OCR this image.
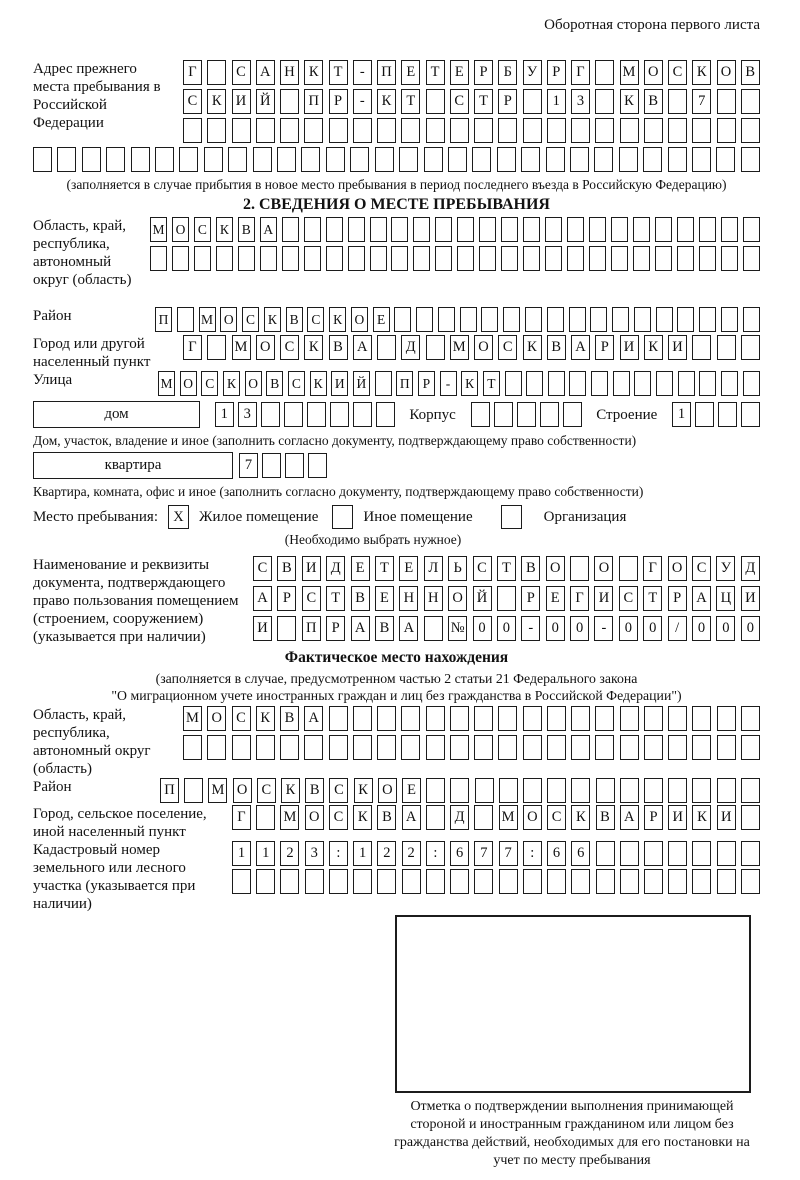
Оборотная сторона первого листа
Адрес прежнего места пребывания в Российской Федерации
Г	С А Н К	Т	-	П	Е	Т	Е	Р	Б	У	Р	Г	М О С	К О В
С	К И Й	П	Р	-	К	Т	С	Т	Р	1	3	К	В	7
(заполняется в случае прибытия в новое место пребывания в период последнего въезда в Российскую Федерацию)
2. СВЕДЕНИЯ О МЕСТЕ ПРЕБЫВАНИЯ
Область, край, республика, автономный округ (область)
М О С К В А
Район	П М О С К В С К О Е
Город или другой населенный пункт
Г	М О С	К	В А	Д	М О С	К	В А	Р	И К И
Улица	М О С К О В С К И Й П Р	-	К Т
дом	1	3	Корпус	Строение	1
Дом, участок, владение и иное (заполнить согласно документу, подтверждающему право собственности)
квартира	7
Квартира, комната, офис и иное (заполнить согласно документу, подтверждающему право собственности)
Место пребывания:	X	Жилое помещение	Иное помещение	Организация
(Необходимо выбрать нужное)
Наименование и реквизиты документа, подтверждающего право пользования помещением (строением, сооружением) (указывается при наличии)
С	В И Д	Е	Т	Е	Л	Ь	С	Т	В О	О	Г	О С У Д
А	Р	С	Т	В	Е	Н Н О Й	Р	Е	Г	И С	Т	Р	А Ц И
И	П	Р	А В А	№ 0	0	-	0	0	-	0	0	/	0	0	0
Фактическое место нахождения
(заполняется в случае, предусмотренном частью 2 статьи 21 Федерального закона
"О миграционном учете иностранных граждан и лиц без гражданства в Российской Федерации")
Область, край, республика, автономный округ (область)
М О С	К	В А
Район	П	М О С	К	В	С	К О	Е
Город, сельское поселение, иной населенный пункт
Г	М О С	К	В А	Д	М О С	К	В А	Р	И К И
Кадастровый номер земельного или лесного участка (указывается при наличии)
1	1	2	3	:	1	2	2	:	6	7	7	:	6	6
Отметка о подтверждении выполнения принимающей стороной и иностранным гражданином или лицом без гражданства действий, необходимых для его постановки на учет по месту пребывания
